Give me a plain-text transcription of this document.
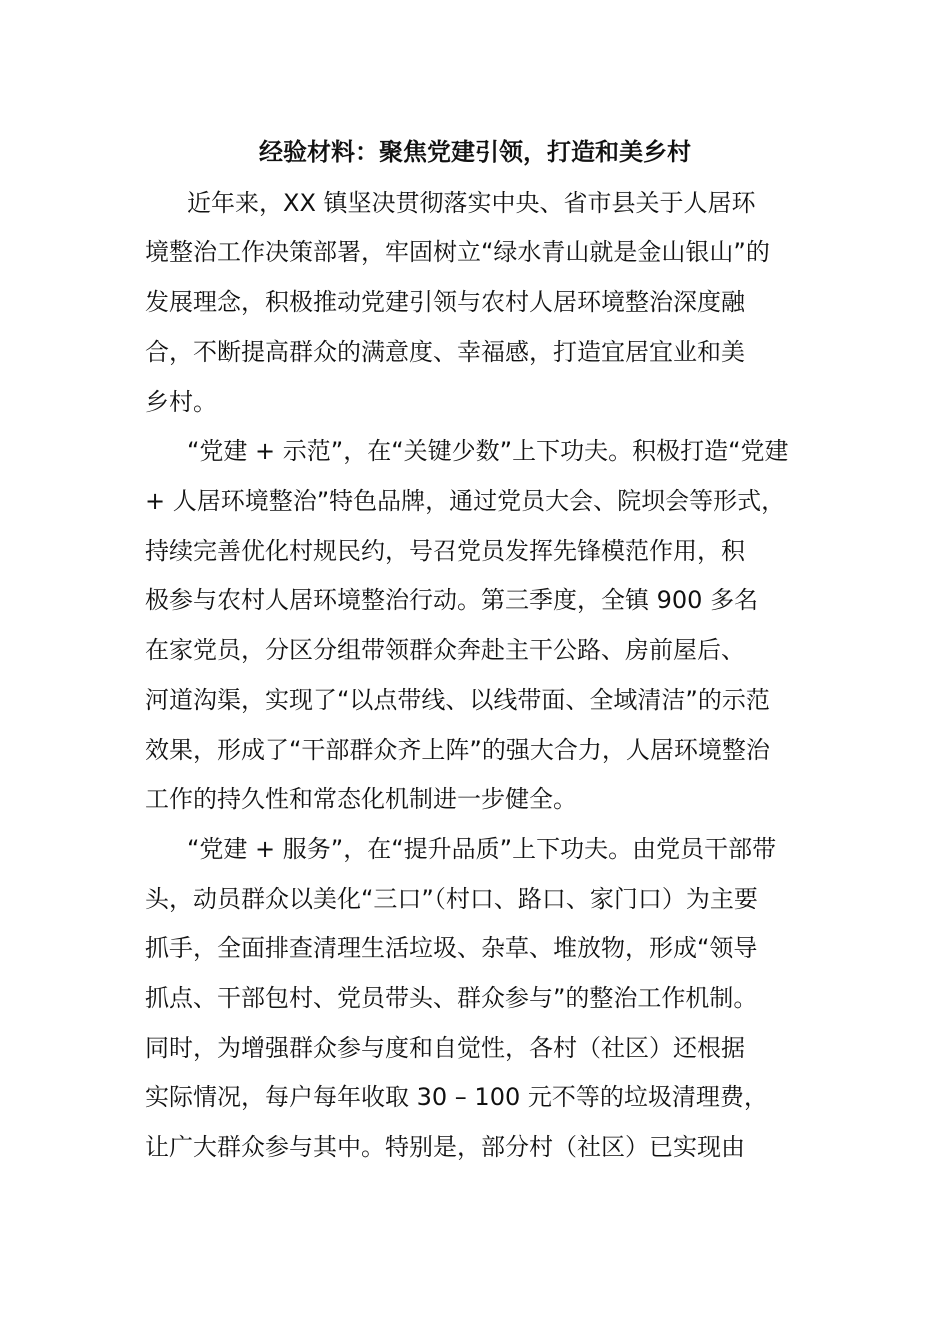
经验材料：聚焦党建引领，打造和美乡村
近年来，XX 镇坚决贯彻落实中央、省市县关于人居环
境整治工作决策部署，牢固树立“绿水青山就是金山银山”的
发展理念，积极推动党建引领与农村人居环境整治深度融
合，不断提高群众的满意度、幸福感，打造宜居宜业和美
乡村。
“党建 + 示范”，在“关键少数”上下功夫。积极打造“党建
+ 人居环境整治”特色品牌，通过党员大会、院坝会等形式，
持续完善优化村规民约，号召党员发挥先锋模范作用，积
极参与农村人居环境整治行动。第三季度，全镇 900 多名
在家党员，分区分组带领群众奔赴主干公路、房前屋后、
河道沟渠，实现了“以点带线、以线带面、全域清洁”的示范
效果，形成了“干部群众齐上阵”的强大合力，人居环境整治
工作的持久性和常态化机制进一步健全。
“党建 + 服务”，在“提升品质”上下功夫。由党员干部带
头，动员群众以美化“三口”（村口、路口、家门口）为主要
抓手，全面排查清理生活垃圾、杂草、堆放物，形成“领导
抓点、干部包村、党员带头、群众参与”的整治工作机制。
同时，为增强群众参与度和自觉性，各村（社区）还根据
实际情况，每户每年收取 30 – 100 元不等的垃圾清理费，
让广大群众参与其中。特别是，部分村（社区）已实现由
